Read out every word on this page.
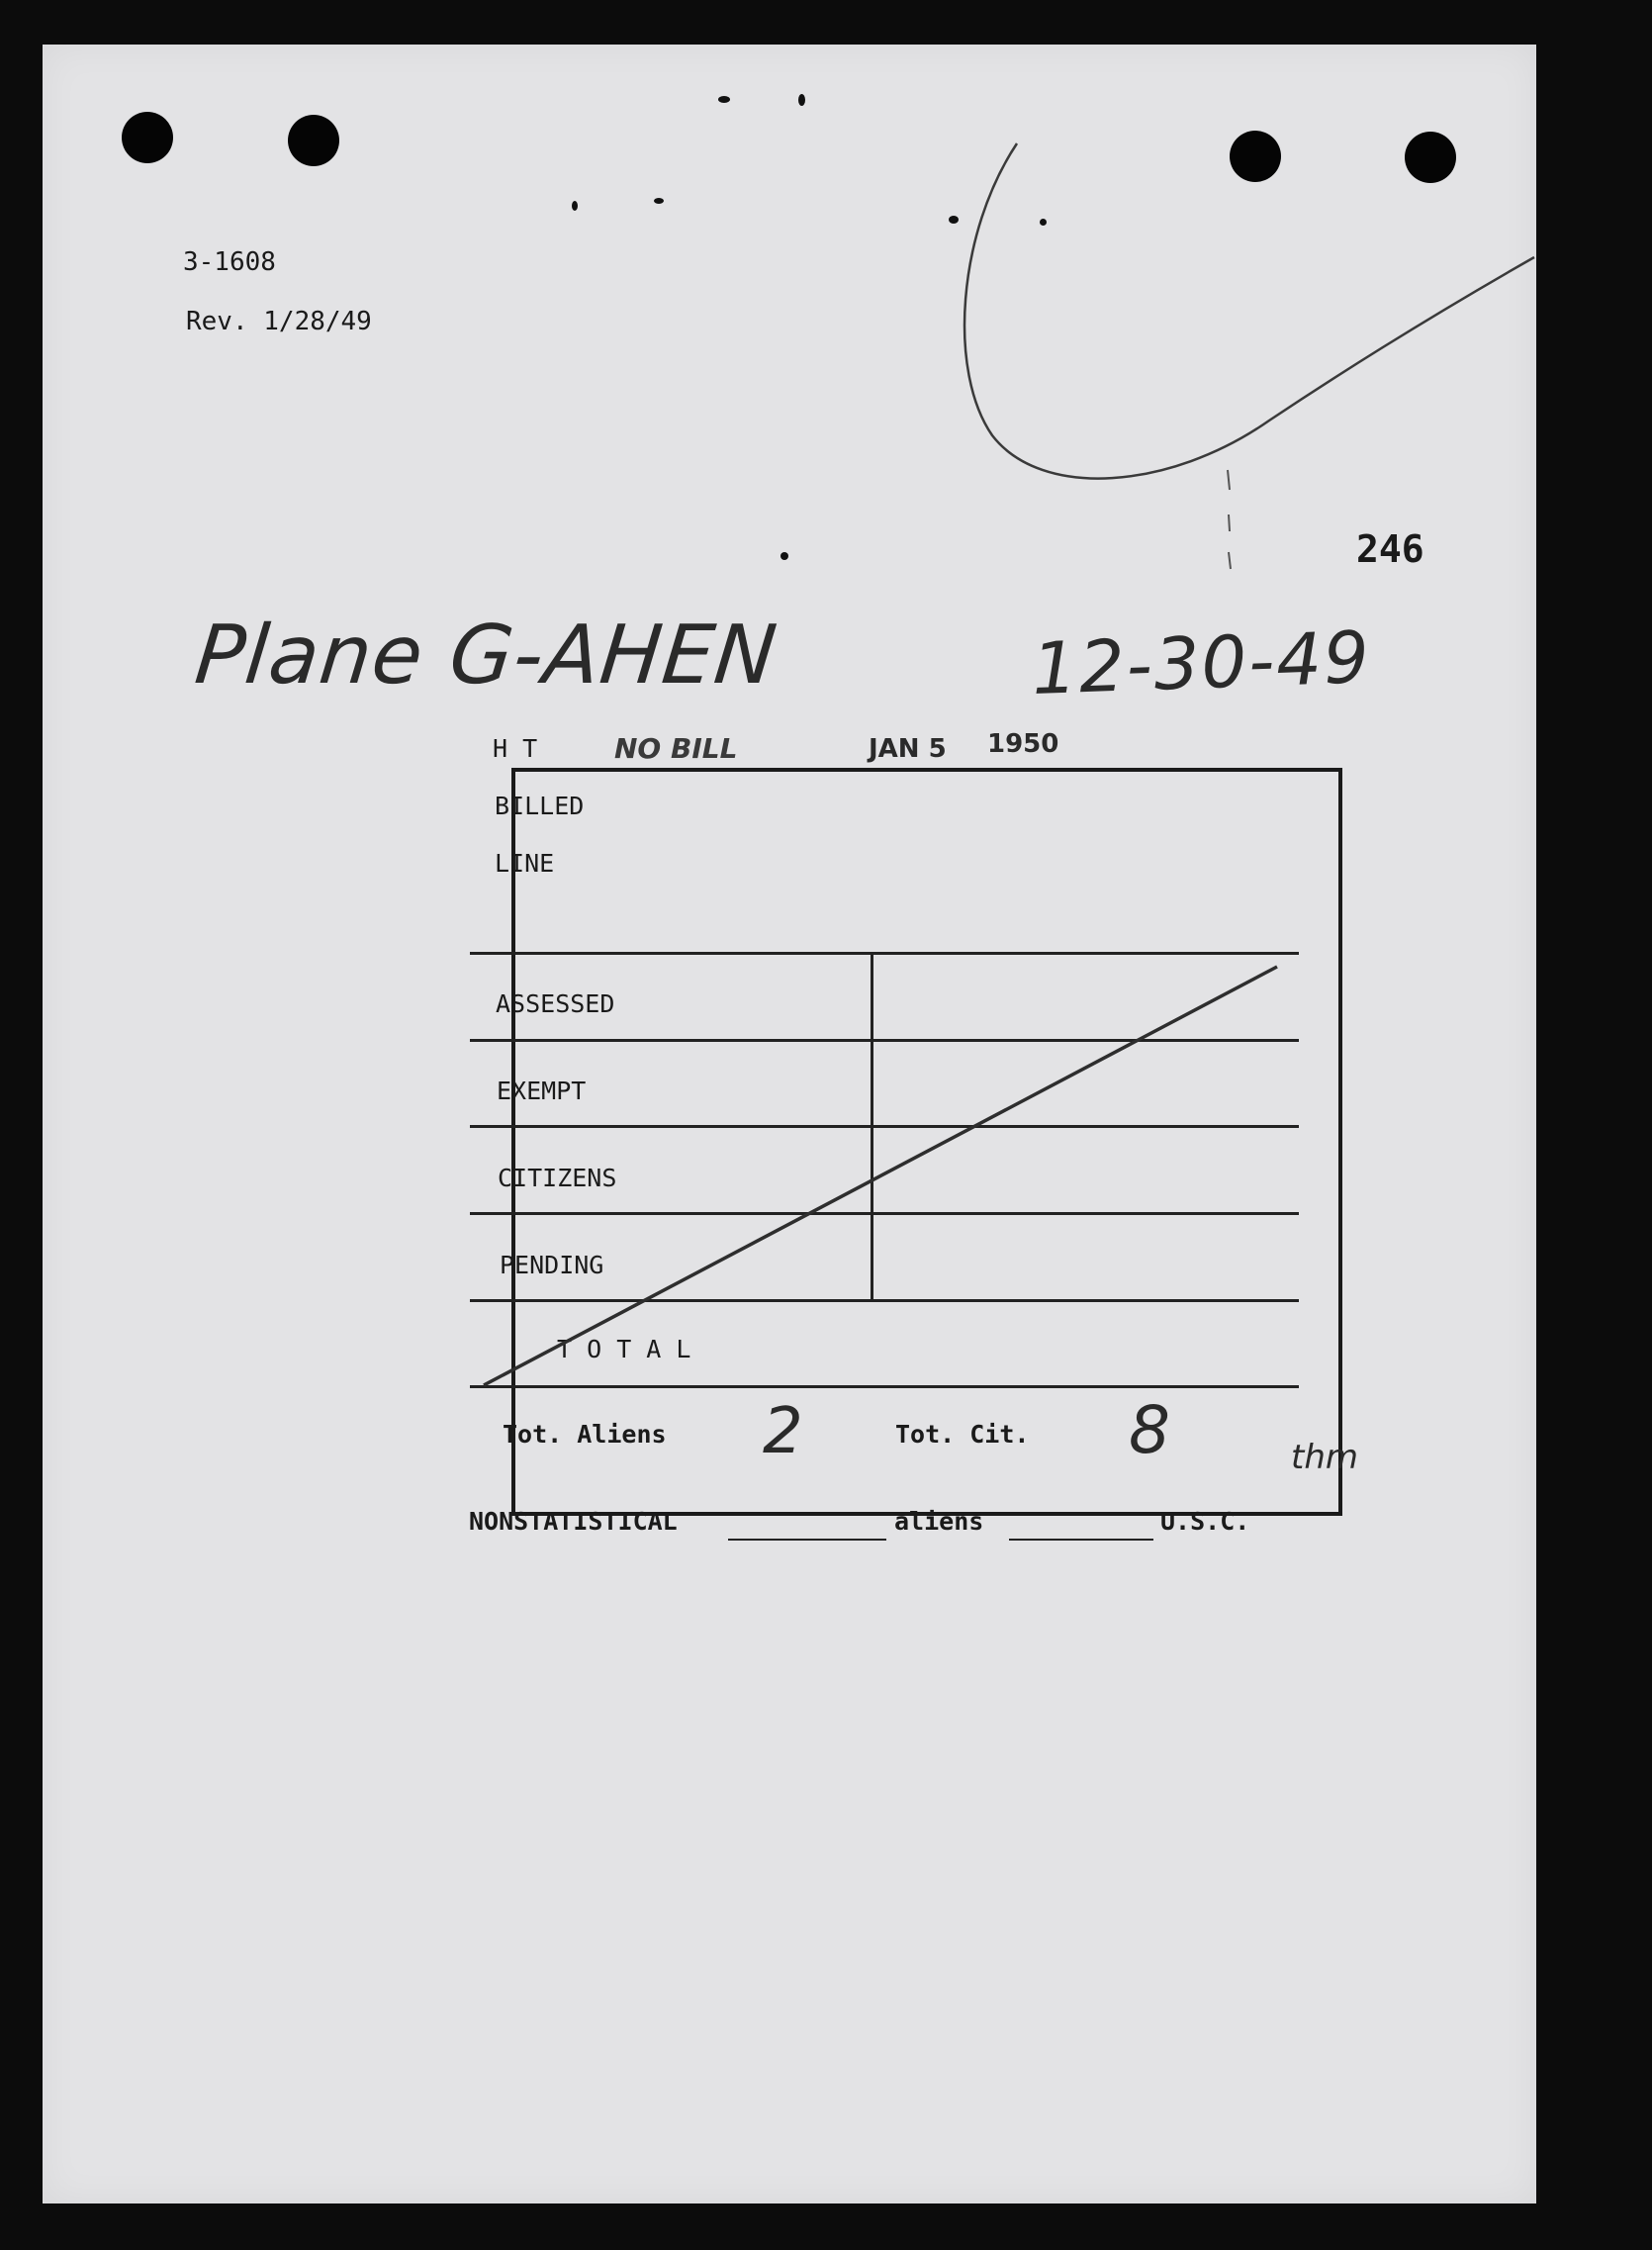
3-1608
Rev. 1/28/49
246
Plane G-AHEN	12-30-49
NO BILL	JAN 5 1950
H T
BILLED
LINE
ASSESSED
EXEMPT
CITIZENS
PENDING
T O T A L
Tot. Aliens 2	Tot. Cit. 8	thm
NONSTATISTICAL	aliens	U.S.C.
